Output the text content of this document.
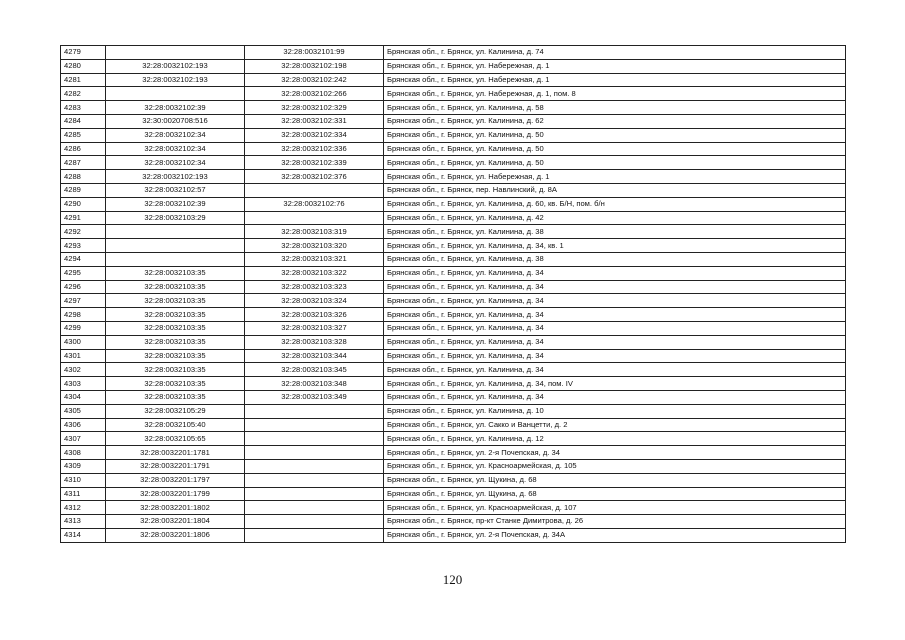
4279		32:28:0032101:99	Брянская обл., г. Брянск, ул. Калинина, д. 74
4280	32:28:0032102:193	32:28:0032102:198	Брянская обл., г. Брянск, ул. Набережная, д. 1
4281	32:28:0032102:193	32:28:0032102:242	Брянская обл., г. Брянск, ул. Набережная, д. 1
4282		32:28:0032102:266	Брянская обл., г. Брянск, ул. Набережная, д. 1, пом. 8
4283	32:28:0032102:39	32:28:0032102:329	Брянская обл., г. Брянск, ул. Калинина, д. 58
4284	32:30:0020708:516	32:28:0032102:331	Брянская обл., г. Брянск, ул. Калинина, д. 62
4285	32:28:0032102:34	32:28:0032102:334	Брянская обл., г. Брянск, ул. Калинина, д. 50
4286	32:28:0032102:34	32:28:0032102:336	Брянская обл., г. Брянск, ул. Калинина, д. 50
4287	32:28:0032102:34	32:28:0032102:339	Брянская обл., г. Брянск, ул. Калинина, д. 50
4288	32:28:0032102:193	32:28:0032102:376	Брянская обл., г. Брянск, ул. Набережная, д. 1
4289	32:28:0032102:57		Брянская обл., г. Брянск, пер. Навлинский, д. 8А
4290	32:28:0032102:39	32:28:0032102:76	Брянская обл., г. Брянск, ул. Калинина, д. 60, кв. Б/Н, пом. б/н
4291	32:28:0032103:29		Брянская обл., г. Брянск, ул. Калинина, д. 42
4292		32:28:0032103:319	Брянская обл., г. Брянск, ул. Калинина, д. 38
4293		32:28:0032103:320	Брянская обл., г. Брянск, ул. Калинина, д. 34, кв. 1
4294		32:28:0032103:321	Брянская обл., г. Брянск, ул. Калинина, д. 38
4295	32:28:0032103:35	32:28:0032103:322	Брянская обл., г. Брянск, ул. Калинина, д. 34
4296	32:28:0032103:35	32:28:0032103:323	Брянская обл., г. Брянск, ул. Калинина, д. 34
4297	32:28:0032103:35	32:28:0032103:324	Брянская обл., г. Брянск, ул. Калинина, д. 34
4298	32:28:0032103:35	32:28:0032103:326	Брянская обл., г. Брянск, ул. Калинина, д. 34
4299	32:28:0032103:35	32:28:0032103:327	Брянская обл., г. Брянск, ул. Калинина, д. 34
4300	32:28:0032103:35	32:28:0032103:328	Брянская обл., г. Брянск, ул. Калинина, д. 34
4301	32:28:0032103:35	32:28:0032103:344	Брянская обл., г. Брянск, ул. Калинина, д. 34
4302	32:28:0032103:35	32:28:0032103:345	Брянская обл., г. Брянск, ул. Калинина, д. 34
4303	32:28:0032103:35	32:28:0032103:348	Брянская обл., г. Брянск, ул. Калинина, д. 34, пом. IV
4304	32:28:0032103:35	32:28:0032103:349	Брянская обл., г. Брянск, ул. Калинина, д. 34
4305	32:28:0032105:29		Брянская обл., г. Брянск, ул. Калинина, д. 10
4306	32:28:0032105:40		Брянская обл., г. Брянск, ул. Сакко и Ванцетти, д. 2
4307	32:28:0032105:65		Брянская обл., г. Брянск, ул. Калинина, д. 12
4308	32:28:0032201:1781		Брянская обл., г. Брянск, ул. 2-я Почепская, д. 34
4309	32:28:0032201:1791		Брянская обл., г. Брянск, ул. Красноармейская, д. 105
4310	32:28:0032201:1797		Брянская обл., г. Брянск, ул. Щукина, д. 68
4311	32:28:0032201:1799		Брянская обл., г. Брянск, ул. Щукина, д. 68
4312	32:28:0032201:1802		Брянская обл., г. Брянск, ул. Красноармейская, д. 107
4313	32:28:0032201:1804		Брянская обл., г. Брянск, пр-кт Станке Димитрова, д. 26
4314	32:28:0032201:1806		Брянская обл., г. Брянск, ул. 2-я Почепская, д. 34А
120
